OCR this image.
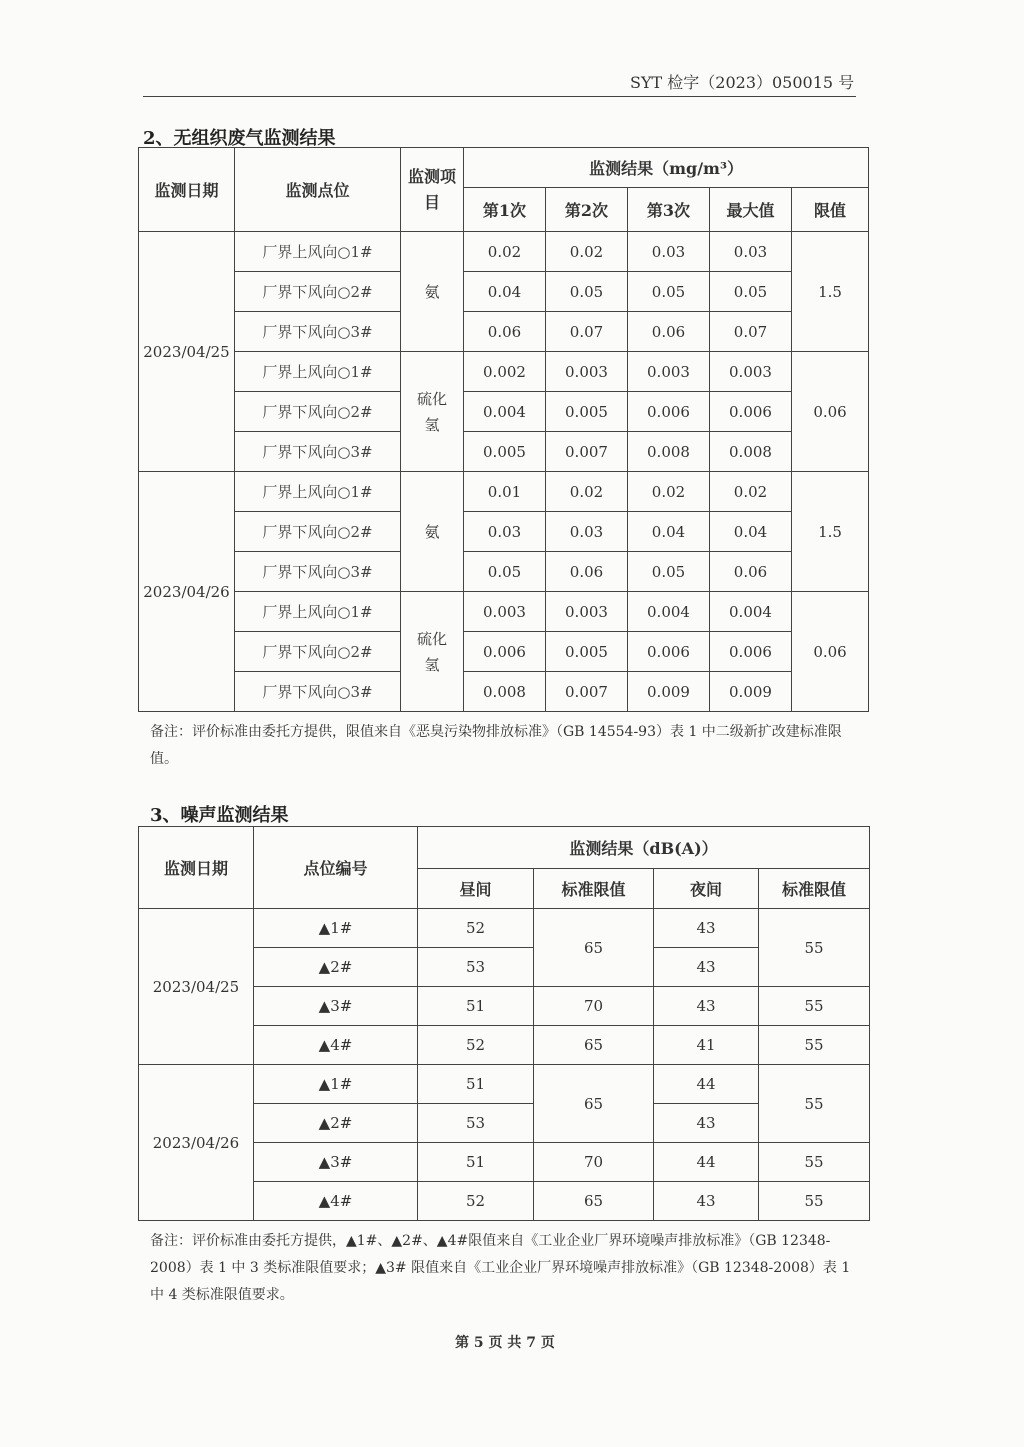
SYT 检字（2023）050015 号
2、无组织废气监测结果
监测日期	监测点位	监测项目	监测结果（mg/m³）				
			第1次	第2次	第3次	最大值	限值
2023/04/25	厂界上风向○1#	氨	0.02	0.02	0.03	0.03	1.5
	厂界下风向○2#		0.04	0.05	0.05	0.05	
	厂界下风向○3#		0.06	0.07	0.06	0.07	
	厂界上风向○1#	硫化氢	0.002	0.003	0.003	0.003	0.06
	厂界下风向○2#		0.004	0.005	0.006	0.006	
	厂界下风向○3#		0.005	0.007	0.008	0.008	
2023/04/26	厂界上风向○1#	氨	0.01	0.02	0.02	0.02	1.5
	厂界下风向○2#		0.03	0.03	0.04	0.04	
	厂界下风向○3#		0.05	0.06	0.05	0.06	
	厂界上风向○1#	硫化氢	0.003	0.003	0.004	0.004	0.06
	厂界下风向○2#		0.006	0.005	0.006	0.006	
	厂界下风向○3#		0.008	0.007	0.009	0.009	
备注：评价标准由委托方提供，限值来自《恶臭污染物排放标准》（GB 14554-93）表 1 中二级新扩改建标准限值。
3、噪声监测结果
监测日期	点位编号	监测结果（dB(A)）			
		昼间	标准限值	夜间	标准限值
2023/04/25	▲1#	52	65	43	55
	▲2#	53		43	
	▲3#	51	70	43	55
	▲4#	52	65	41	55
2023/04/26	▲1#	51	65	44	55
	▲2#	53		43	
	▲3#	51	70	44	55
	▲4#	52	65	43	55
备注：评价标准由委托方提供，▲1#、▲2#、▲4#限值来自《工业企业厂界环境噪声排放标准》（GB 12348-2008）表 1 中 3 类标准限值要求；▲3# 限值来自《工业企业厂界环境噪声排放标准》（GB 12348-2008）表 1 中 4 类标准限值要求。
第 5 页 共 7 页
